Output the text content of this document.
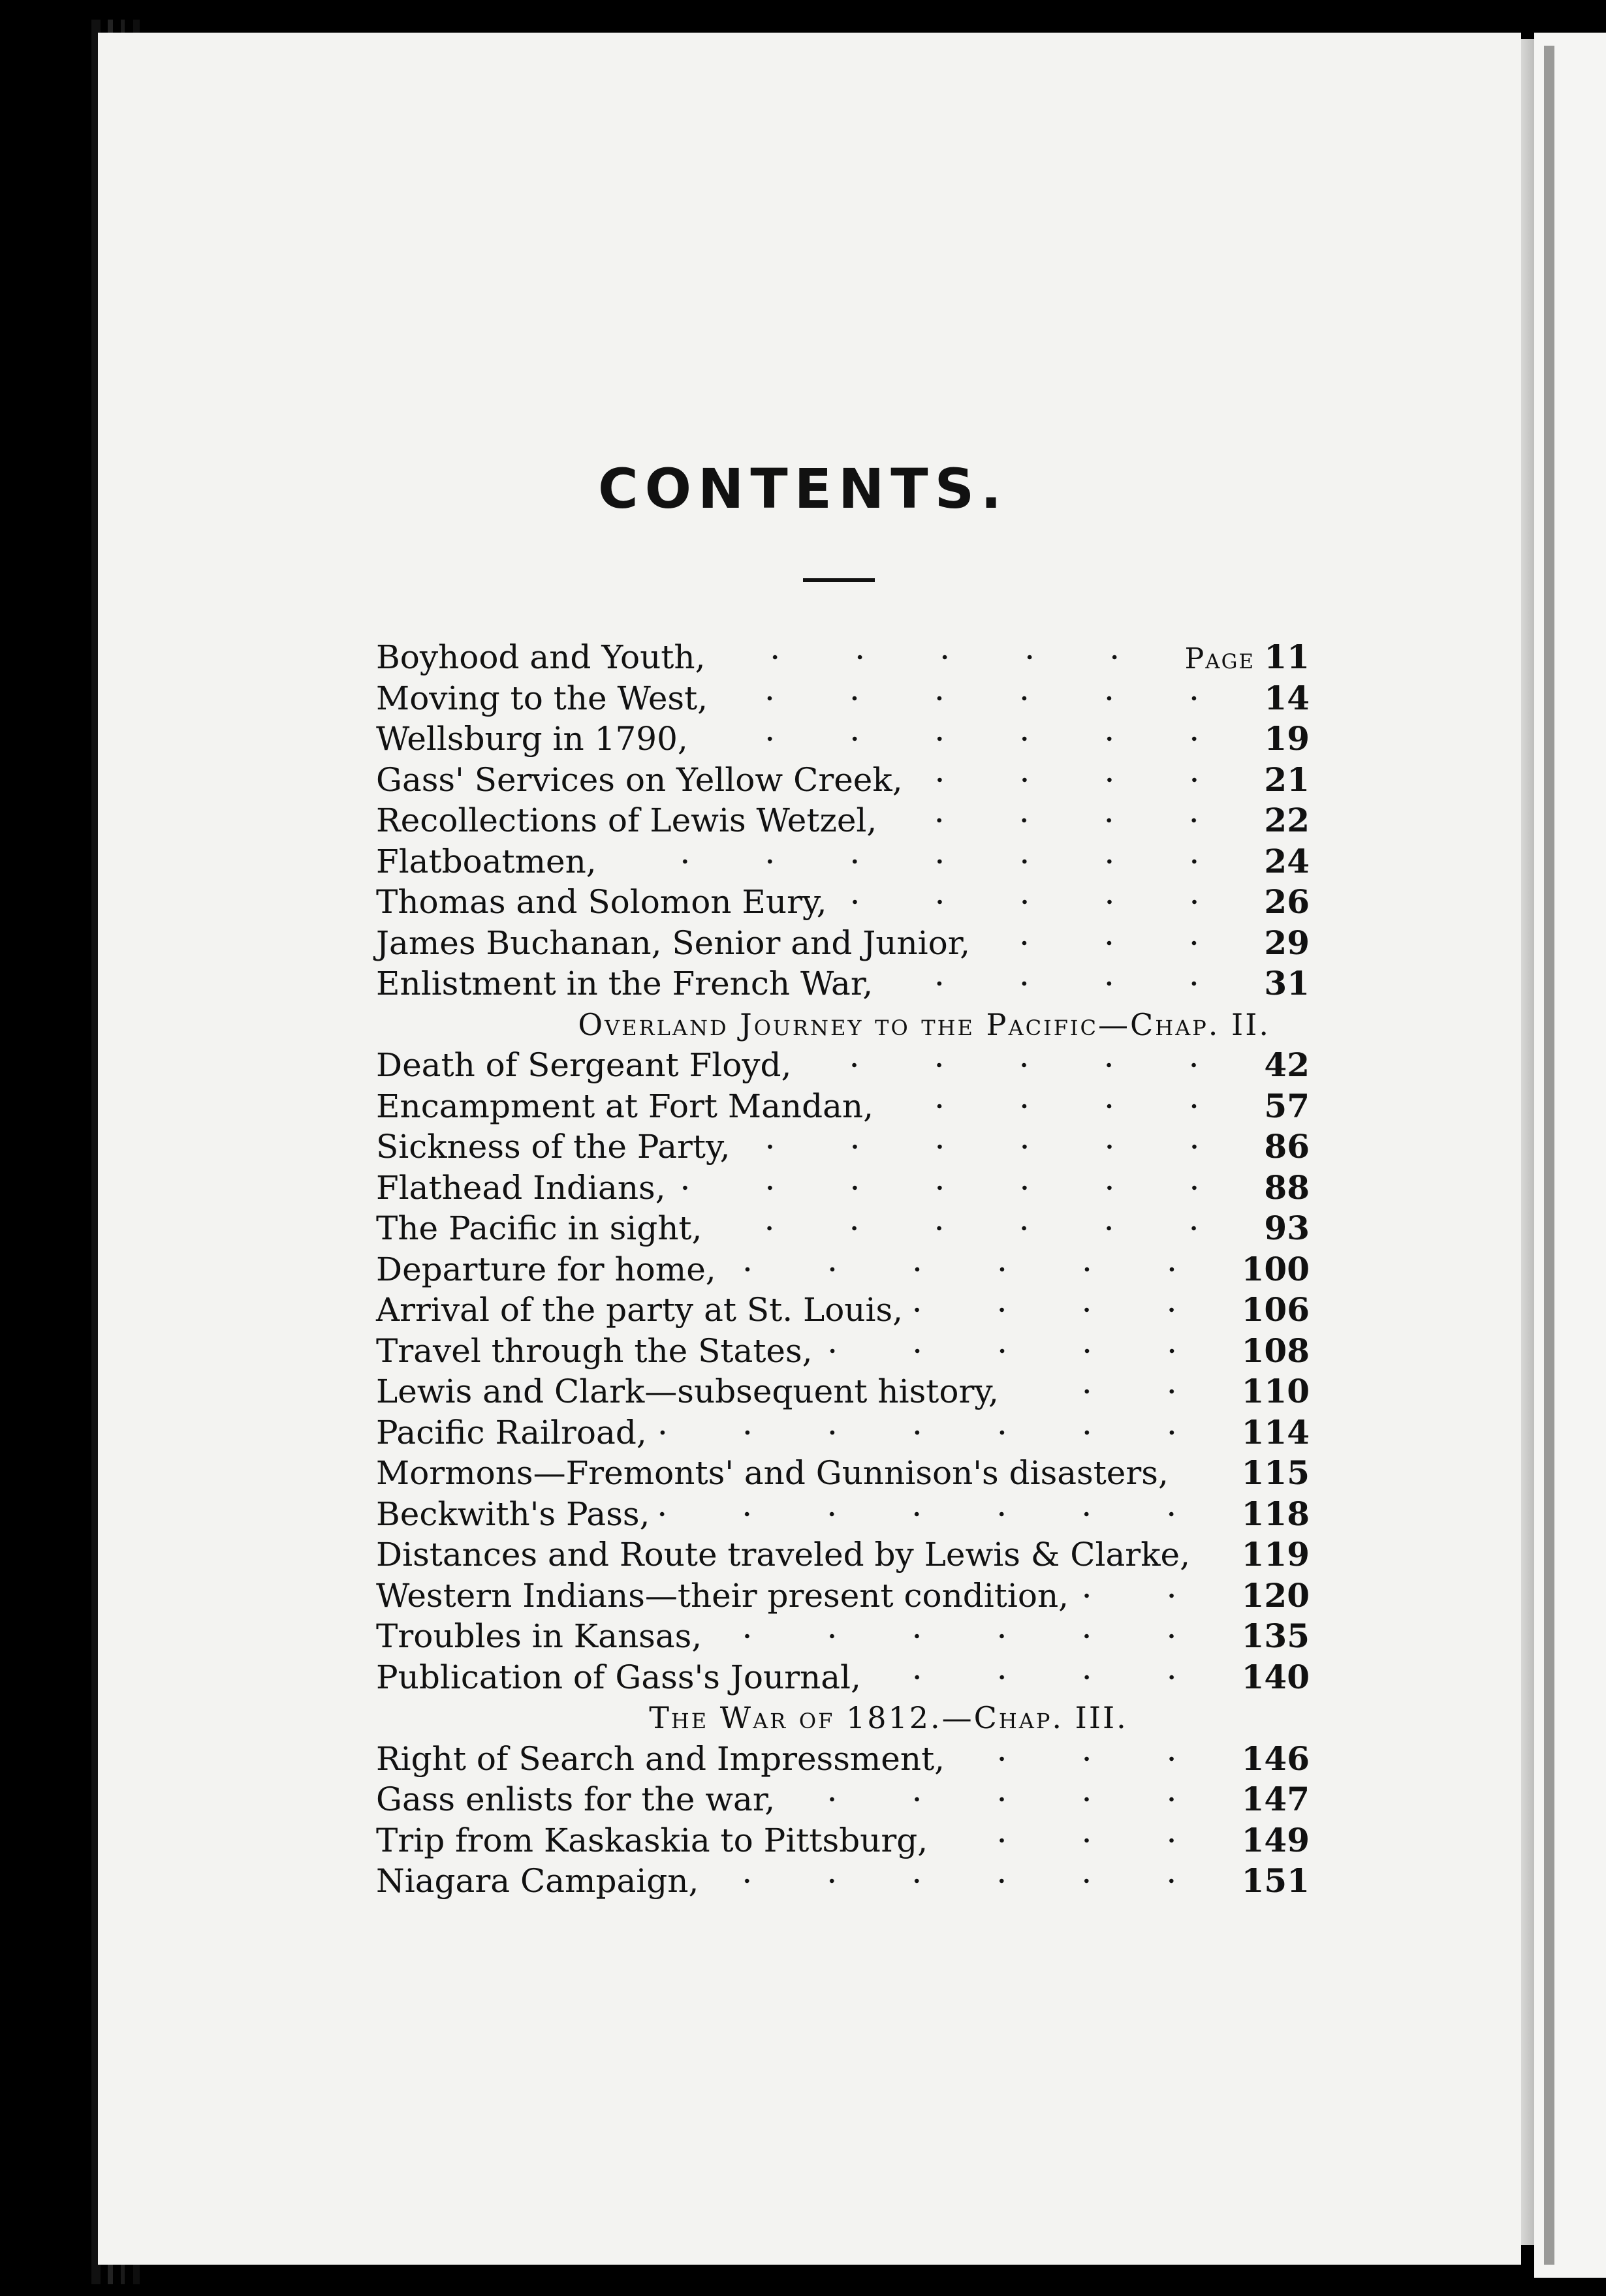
CONTENTS.
Boyhood and Youth,	Page 11
Moving to the West,	14
Wellsburg in 1790,	19
Gass' Services on Yellow Creek,	21
Recollections of Lewis Wetzel,	22
Flatboatmen,	24
Thomas and Solomon Eury,	26
James Buchanan, Senior and Junior,	29
Enlistment in the French War,	31
Overland Journey to the Pacific—Chap. II.
Death of Sergeant Floyd,	42
Encampment at Fort Mandan,	57
Sickness of the Party,	86
Flathead Indians,	88
The Pacific in sight,	93
Departure for home,	100
Arrival of the party at St. Louis,	106
Travel through the States,	108
Lewis and Clark—subsequent history,	110
Pacific Railroad,	114
Mormons—Fremonts' and Gunnison's disasters, 115
Beckwith's Pass,	118
Distances and Route traveled by Lewis & Clarke, 119
Western Indians—their present condition,	120
Troubles in Kansas,	135
Publication of Gass's Journal,	140
The War of 1812.—Chap. III.
Right of Search and Impressment,	146
Gass enlists for the war,	147
Trip from Kaskaskia to Pittsburg,	149
Niagara Campaign,	151
